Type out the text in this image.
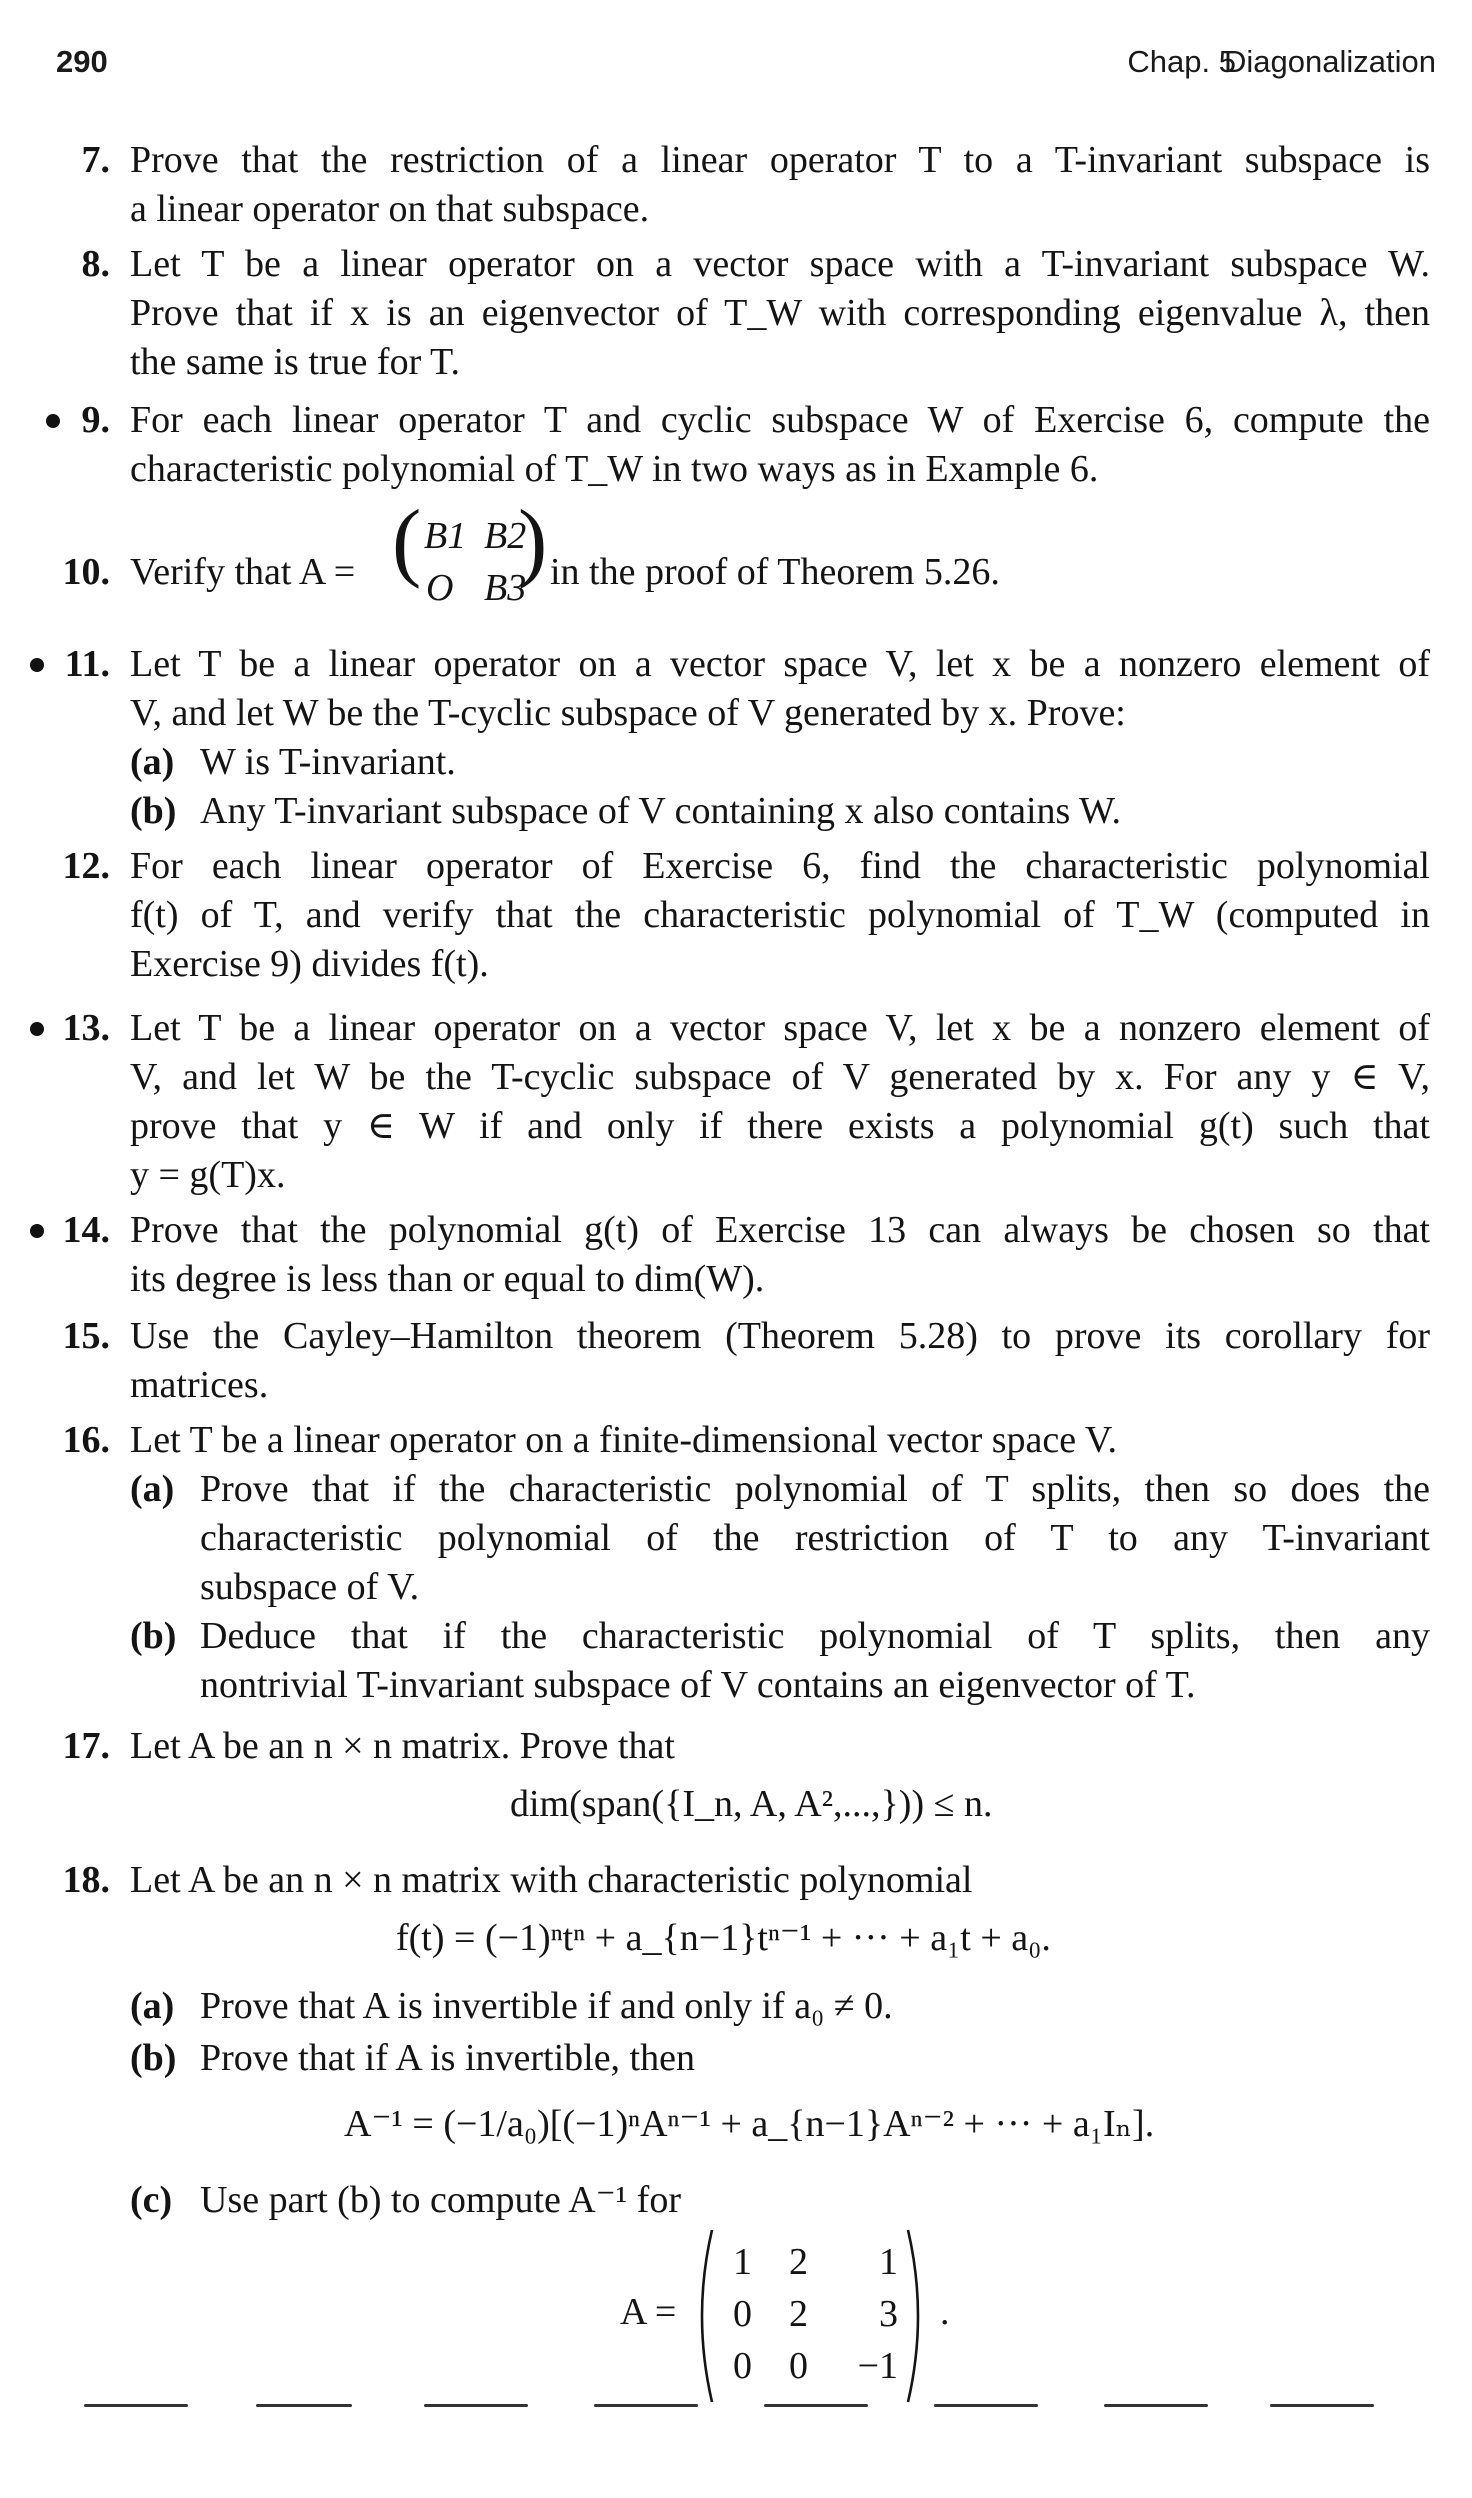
290	Chap. 5
Diagonalization
7. Prove that the restriction of a linear operator T to a T-invariant subspace is
a linear operator on that subspace.
8. Let T be a linear operator on a vector space with a T-invariant subspace W.
Prove that if x is an eigenvector of T_W with corresponding eigenvalue λ, then
the same is true for T.
9. For each linear operator T and cyclic subspace W of Exercise 6, compute the
characteristic polynomial of T_W in two ways as in Example 6.
10. Verify that A = ( B1 B2
O B3
) in the proof of Theorem 5.26.
11. Let T be a linear operator on a vector space V, let x be a nonzero element of
V, and let W be the T-cyclic subspace of V generated by x. Prove:
(a) W is T-invariant.
(b) Any T-invariant subspace of V containing x also contains W.
12. For each linear operator of Exercise 6, find the characteristic polynomial
f(t) of T, and verify that the characteristic polynomial of T_W (computed in
Exercise 9) divides f(t).
13. Let T be a linear operator on a vector space V, let x be a nonzero element of
V, and let W be the T-cyclic subspace of V generated by x. For any y ∈ V,
prove that y ∈ W if and only if there exists a polynomial g(t) such that
y = g(T)x.
14. Prove that the polynomial g(t) of Exercise 13 can always be chosen so that
its degree is less than or equal to dim(W).
15. Use the Cayley–Hamilton theorem (Theorem 5.28) to prove its corollary for
matrices.
16. Let T be a linear operator on a finite-dimensional vector space V.
(a) Prove that if the characteristic polynomial of T splits, then so does the
characteristic polynomial of the restriction of T to any T-invariant
subspace of V.
(b) Deduce that if the characteristic polynomial of T splits, then any
nontrivial T-invariant subspace of V contains an eigenvector of T.
17. Let A be an n × n matrix. Prove that
dim(span({I_n, A, A²,...,})) ≤ n.
18. Let A be an n × n matrix with characteristic polynomial
f(t) = (−1)ⁿtⁿ + a_{n−1}tⁿ⁻¹ + ··· + a₁t + a₀.
(a) Prove that A is invertible if and only if a₀ ≠ 0.
(b) Prove that if A is invertible, then
A⁻¹ = (−1/a₀)[(−1)ⁿAⁿ⁻¹ + a_{n−1}Aⁿ⁻² + ··· + a₁Iₙ].
(c) Use part (b) to compute A⁻¹ for
A =
1 2	1
0 2	3
0 0 −1
.
